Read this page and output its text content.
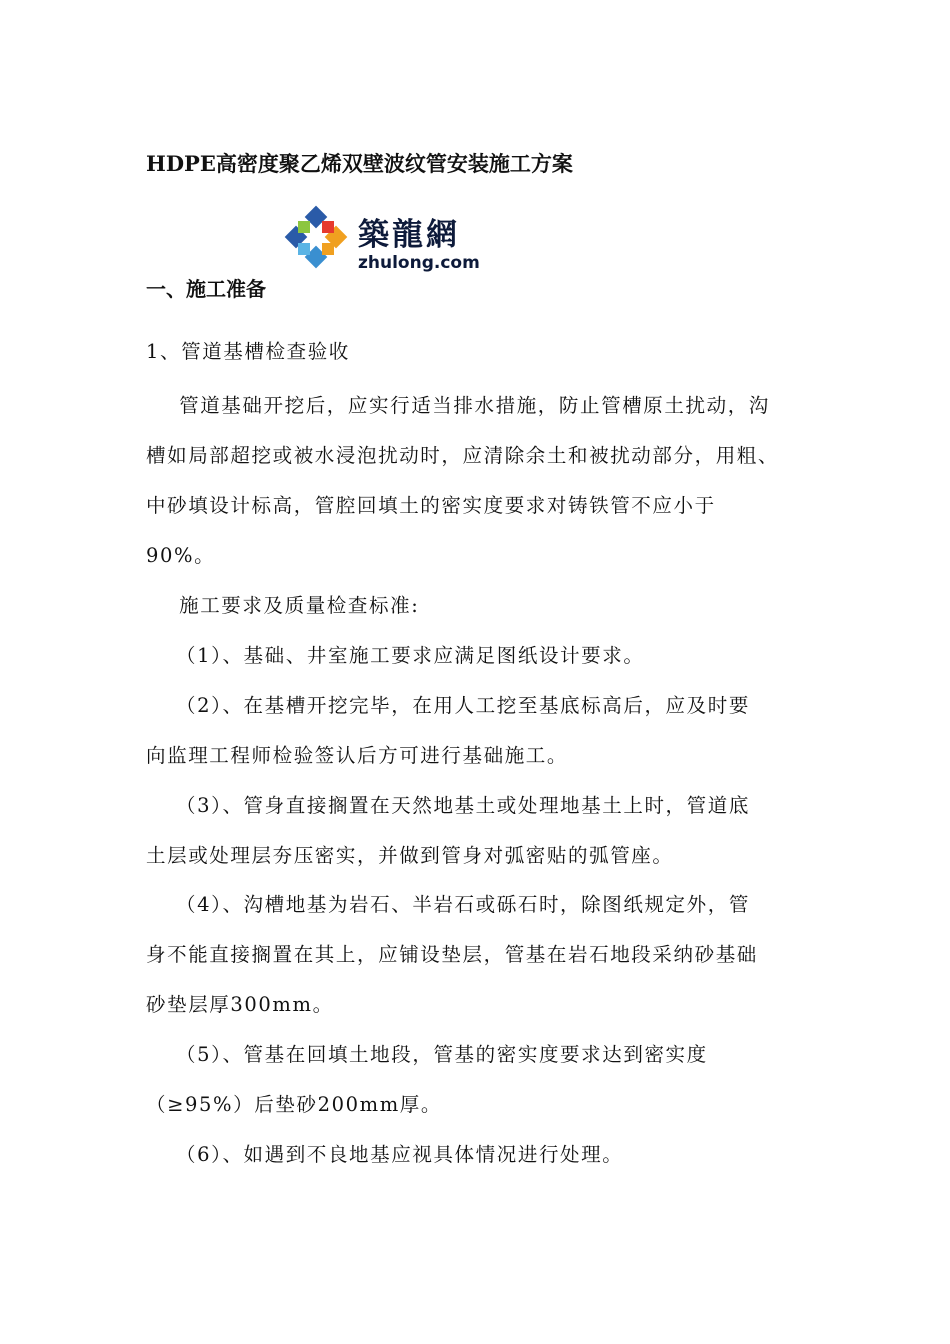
HDPE高密度聚乙烯双壁波纹管安装施工方案
築龍網
zhulong.com
一、施工准备
1、管道基槽检查验收
　管道基础开挖后，应实行适当排水措施，防止管槽原土扰动，沟
槽如局部超挖或被水浸泡扰动时，应清除余土和被扰动部分，用粗、
中砂填设计标高，管腔回填土的密实度要求对铸铁管不应小于
90%。
　施工要求及质量检查标准:
（1）、基础、井室施工要求应满足图纸设计要求。
（2）、在基槽开挖完毕，在用人工挖至基底标高后，应及时要
向监理工程师检验签认后方可进行基础施工。
（3）、管身直接搁置在天然地基土或处理地基土上时，管道底
土层或处理层夯压密实，并做到管身对弧密贴的弧管座。
（4）、沟槽地基为岩石、半岩石或砾石时，除图纸规定外，管
身不能直接搁置在其上，应铺设垫层，管基在岩石地段采纳砂基础
砂垫层厚300mm。
（5）、管基在回填土地段，管基的密实度要求达到密实度
（≥95%）后垫砂200mm厚。
（6）、如遇到不良地基应视具体情况进行处理。
